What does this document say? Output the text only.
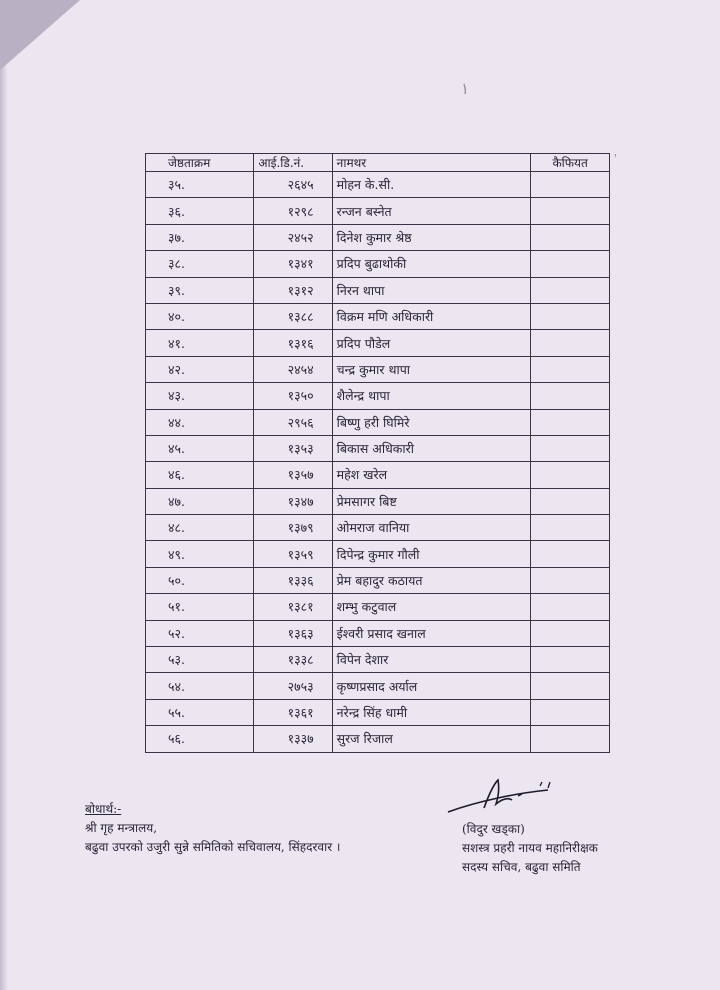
जेष्ठताक्रम	आई.डि.नं.	नामथर	कैफियत
३५.	२६४५	मोहन के.सी.	
३६.	१२९८	रन्जन बस्नेत	
३७.	२४५२	दिनेश कुमार श्रेष्ठ	
३८.	१३४१	प्रदिप बुढाथोकी	
३९.	१३१२	निरन थापा	
४०.	१३८८	विक्रम मणि अधिकारी	
४१.	१३१६	प्रदिप पौडेल	
४२.	२४५४	चन्द्र कुमार थापा	
४३.	१३५०	शैलेन्द्र थापा	
४४.	२९५६	बिष्णु हरी घिमिरे	
४५.	१३५३	बिकास अधिकारी	
४६.	१३५७	महेश खरेल	
४७.	१३४७	प्रेमसागर बिष्ट	
४८.	१३७९	ओमराज वानिया	
४९.	१३५९	दिपेन्द्र कुमार गौली	
५०.	१३३६	प्रेम बहादुर कठायत	
५१.	१३८१	शम्भु कटुवाल	
५२.	१३६३	ईश्वरी प्रसाद खनाल	
५३.	१३३८	विपेन देशार	
५४.	२७५३	कृष्णप्रसाद अर्याल	
५५.	१३६१	नरेन्द्र सिंह धामी	
५६.	१३३७	सुरज रिजाल	
'
बोधार्थ:-
श्री गृह मन्त्रालय,
बढुवा उपरको उजुरी सुन्ने समितिको सचिवालय, सिंहदरवार ।
(विदुर खड्का)
सशस्त्र प्रहरी नायव महानिरीक्षक
सदस्य सचिव, बढुवा समिति
